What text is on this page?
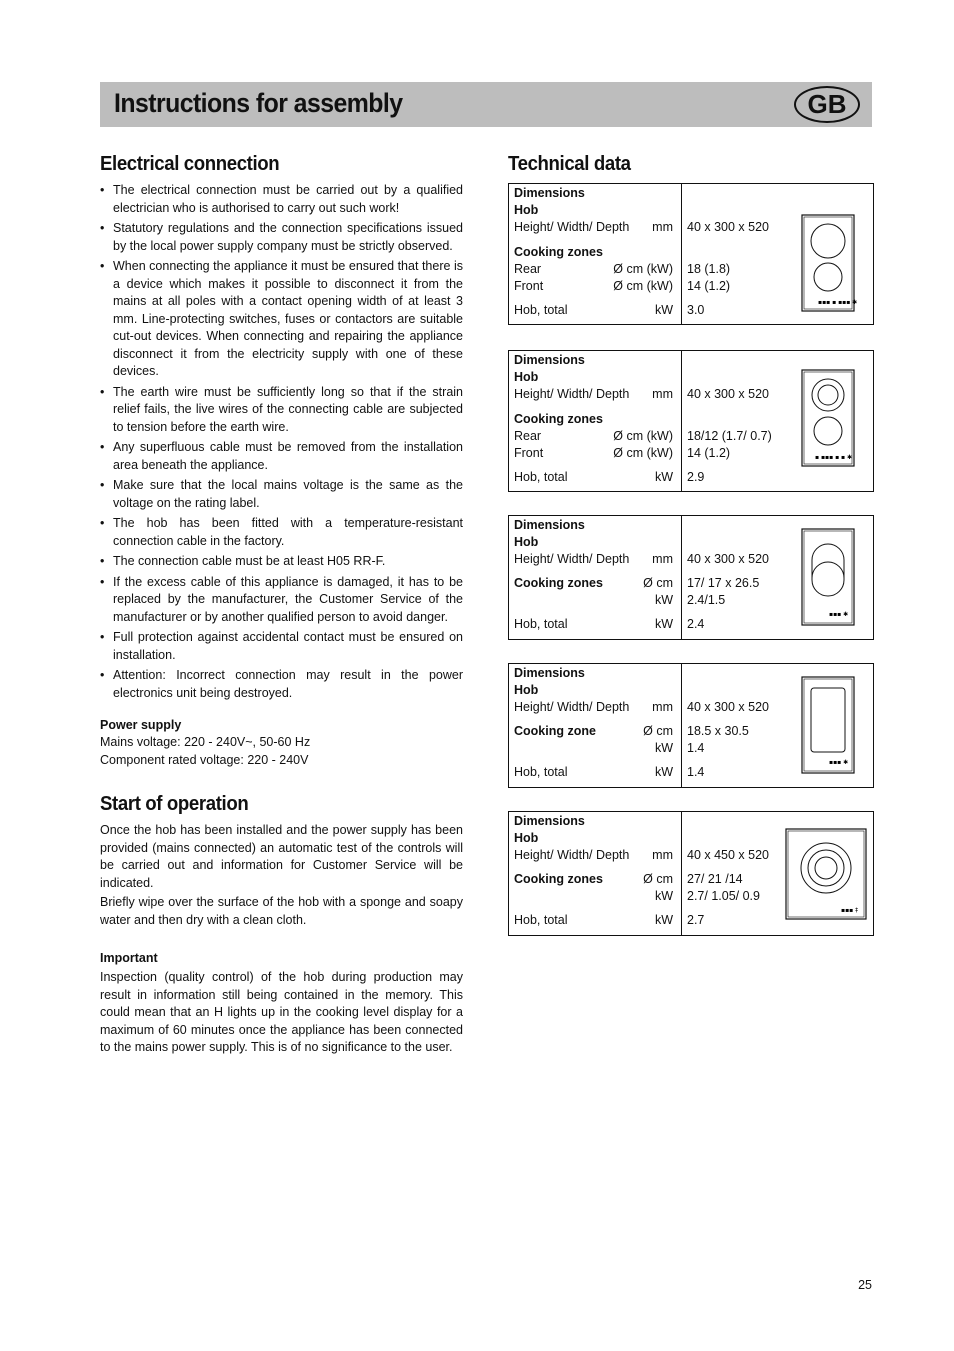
Instructions for assembly	GB
Electrical connection
• The electrical connection must be carried out by a qualified electrician who is authorised to carry out such work!
• Statutory regulations and the connection specifications issued by the local power supply company must be strictly observed.
• When connecting the appliance it must be ensured that there is a device which makes it possible to disconnect it from the mains at all poles with a contact opening width of at least 3 mm. Line-protecting switches, fuses or contactors are suitable cut-out devices. When connecting and repairing the appliance disconnect it from the electricity supply with one of these devices.
• The earth wire must be sufficiently long so that if the strain relief fails, the live wires of the connecting cable are subjected to tension before the earth wire.
• Any superfluous cable must be removed from the installation area beneath the appliance.
• Make sure that the local mains voltage is the same as the voltage on the rating label.
• The hob has been fitted with a temperature-resistant connection cable in the factory.
• The connection cable must be at least H05 RR-F.
• If the excess cable of this appliance is damaged, it has to be replaced by the manufacturer, the Customer Service of the manufacturer or by another qualified person to avoid danger.
• Full protection against accidental contact must be ensured on installation.
• Attention: Incorrect connection may result in the power electronics unit being destroyed.
Power supply

Mains voltage: 220 - 240V~, 50-60 Hz

Component rated voltage: 220 - 240V

Start of operation

Once the hob has been installed and the power supply has been provided (mains connected) an automatic test of the controls will be carried out and information for Customer Service will be indicated.

Briefly wipe over the surface of the hob with a sponge and soapy water and then dry with a clean cloth.

Important

Inspection (quality control) of the hob during production may result in information still being contained in the memory. This could mean that an H lights up in the cooking level display for a maximum of 60 minutes once the appliance has been connected to the mains power supply. This is of no significance to the user.

Technical data
Dimensions
Hob
Height/ Width/ Depth mm 40 x 300 x 520
Cooking zones
Rear	Ø cm (kW) 18 (1.8)
Front	Ø cm (kW) 14 (1.2)
Hob, total	kW 3.0
▪▪▪ ▪ ▪▪▪ ✱
Dimensions
Hob
Height/ Width/ Depth mm 40 x 300 x 520
Cooking zones
Rear	Ø cm (kW) 18/12 (1.7/ 0.7)
Front	Ø cm (kW) 14 (1.2)
Hob, total	kW 2.9
▪ ▪▪▪ ▪ ▪ ✱
Dimensions
Hob
Height/ Width/ Depth mm 40 x 300 x 520
Cooking zones	Ø cm 17/ 17 x 26.5
kW 2.4/1.5
Hob, total	kW 2.4
▪▪▪ ✱
Dimensions
Hob
Height/ Width/ Depth mm 40 x 300 x 520
Cooking zone	Ø cm 18.5 x 30.5
kW 1.4
Hob, total	kW 1.4
▪▪▪ ✱
Dimensions
Hob
Height/ Width/ Depth mm 40 x 450 x 520
Cooking zones	Ø cm 27/ 21 /14
kW 2.7/ 1.05/ 0.9
Hob, total	kW 2.7
▪▪▪ ‡
25
